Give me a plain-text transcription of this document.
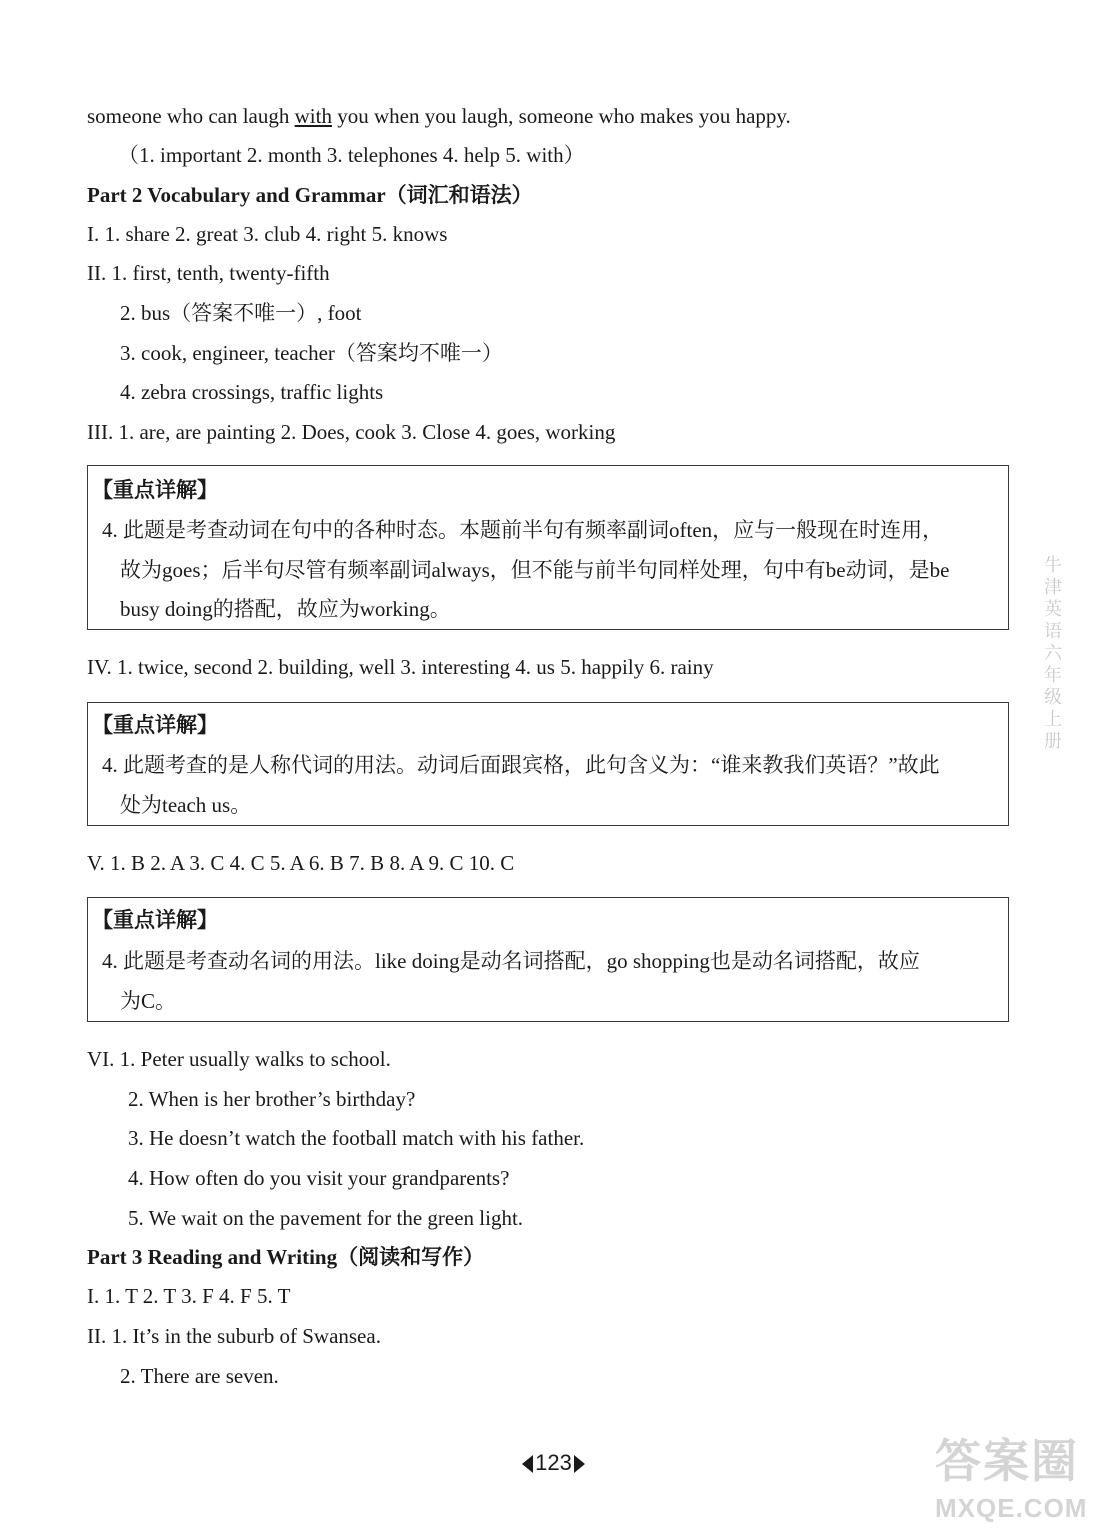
someone who can laugh with you when you laugh, someone who makes you happy.
（1. important 2. month 3. telephones 4. help 5. with）
Part 2 Vocabulary and Grammar（词汇和语法）
I. 1. share 2. great 3. club 4. right 5. knows
II. 1. first, tenth, twenty-fifth
2. bus（答案不唯一）, foot
3. cook, engineer, teacher（答案均不唯一）
4. zebra crossings, traffic lights
III. 1. are, are painting 2. Does, cook 3. Close 4. goes, working
【重点详解】
4. 此题是考查动词在句中的各种时态。本题前半句有频率副词often，应与一般现在时连用，
故为goes；后半句尽管有频率副词always，但不能与前半句同样处理，句中有be动词，是be
busy doing的搭配，故应为working。
IV. 1. twice, second 2. building, well 3. interesting 4. us 5. happily 6. rainy
【重点详解】
4. 此题考查的是人称代词的用法。动词后面跟宾格，此句含义为：“谁来教我们英语？”故此
处为teach us。
V. 1. B 2. A 3. C 4. C 5. A 6. B 7. B 8. A 9. C 10. C
【重点详解】
4. 此题是考查动名词的用法。like doing是动名词搭配，go shopping也是动名词搭配，故应
为C。
VI. 1. Peter usually walks to school.
2. When is her brother’s birthday?
3. He doesn’t watch the football match with his father.
4. How often do you visit your grandparents?
5. We wait on the pavement for the green light.
Part 3 Reading and Writing（阅读和写作）
I. 1. T 2. T 3. F 4. F 5. T
II. 1. It’s in the suburb of Swansea.
2. There are seven.
123
牛津英语六年级上册
答案圈
MXQE.COM
